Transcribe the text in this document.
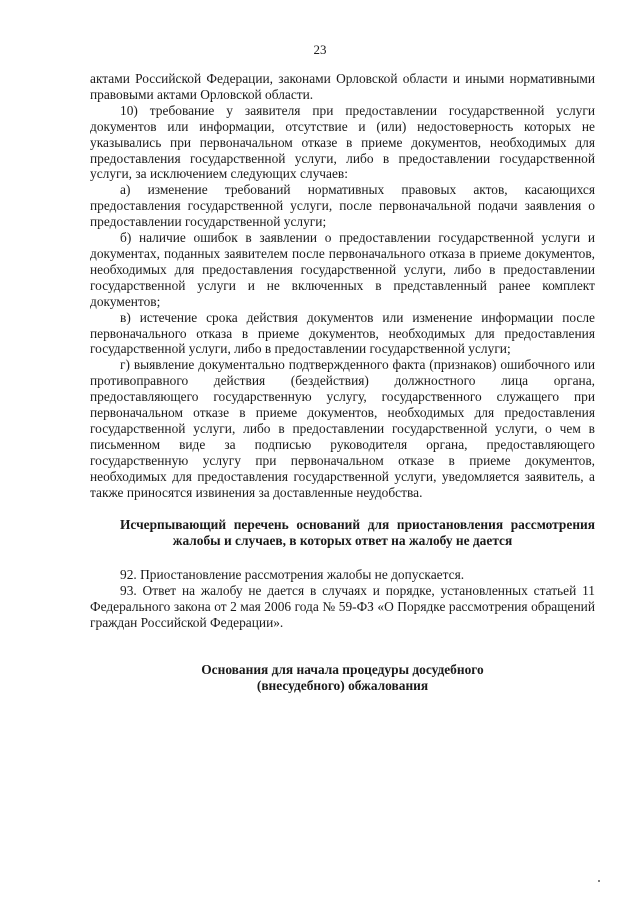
23

актами Российской Федерации, законами Орловской области и иными нормативными правовыми актами Орловской области.

10) требование у заявителя при предоставлении государственной услуги документов или информации, отсутствие и (или) недостоверность которых не указывались при первоначальном отказе в приеме документов, необходимых для предоставления государственной услуги, либо в предоставлении государственной услуги, за исключением следующих случаев:

а) изменение требований нормативных правовых актов, касающихся предоставления государственной услуги, после первоначальной подачи заявления о предоставлении государственной услуги;

б) наличие ошибок в заявлении о предоставлении государственной услуги и документах, поданных заявителем после первоначального отказа в приеме документов, необходимых для предоставления государственной услуги, либо в предоставлении государственной услуги и не включенных в представленный ранее комплект документов;

в) истечение срока действия документов или изменение информации после первоначального отказа в приеме документов, необходимых для предоставления государственной услуги, либо в предоставлении государственной услуги;

г) выявление документально подтвержденного факта (признаков) ошибочного или противоправного действия (бездействия) должностного лица органа, предоставляющего государственную услугу, государственного служащего при первоначальном отказе в приеме документов, необходимых для предоставления государственной услуги, либо в предоставлении государственной услуги, о чем в письменном виде за подписью руководителя органа, предоставляющего государственную услугу при первоначальном отказе в приеме документов, необходимых для предоставления государственной услуги, уведомляется заявитель, а также приносятся извинения за доставленные неудобства.

Исчерпывающий перечень оснований для приостановления рассмотрения жалобы и случаев, в которых ответ на жалобу не дается

92. Приостановление рассмотрения жалобы не допускается.

93. Ответ на жалобу не дается в случаях и порядке, установленных статьей 11 Федерального закона от 2 мая 2006 года № 59-ФЗ «О Порядке рассмотрения обращений граждан Российской Федерации».

Основания для начала процедуры досудебного

(внесудебного) обжалования
